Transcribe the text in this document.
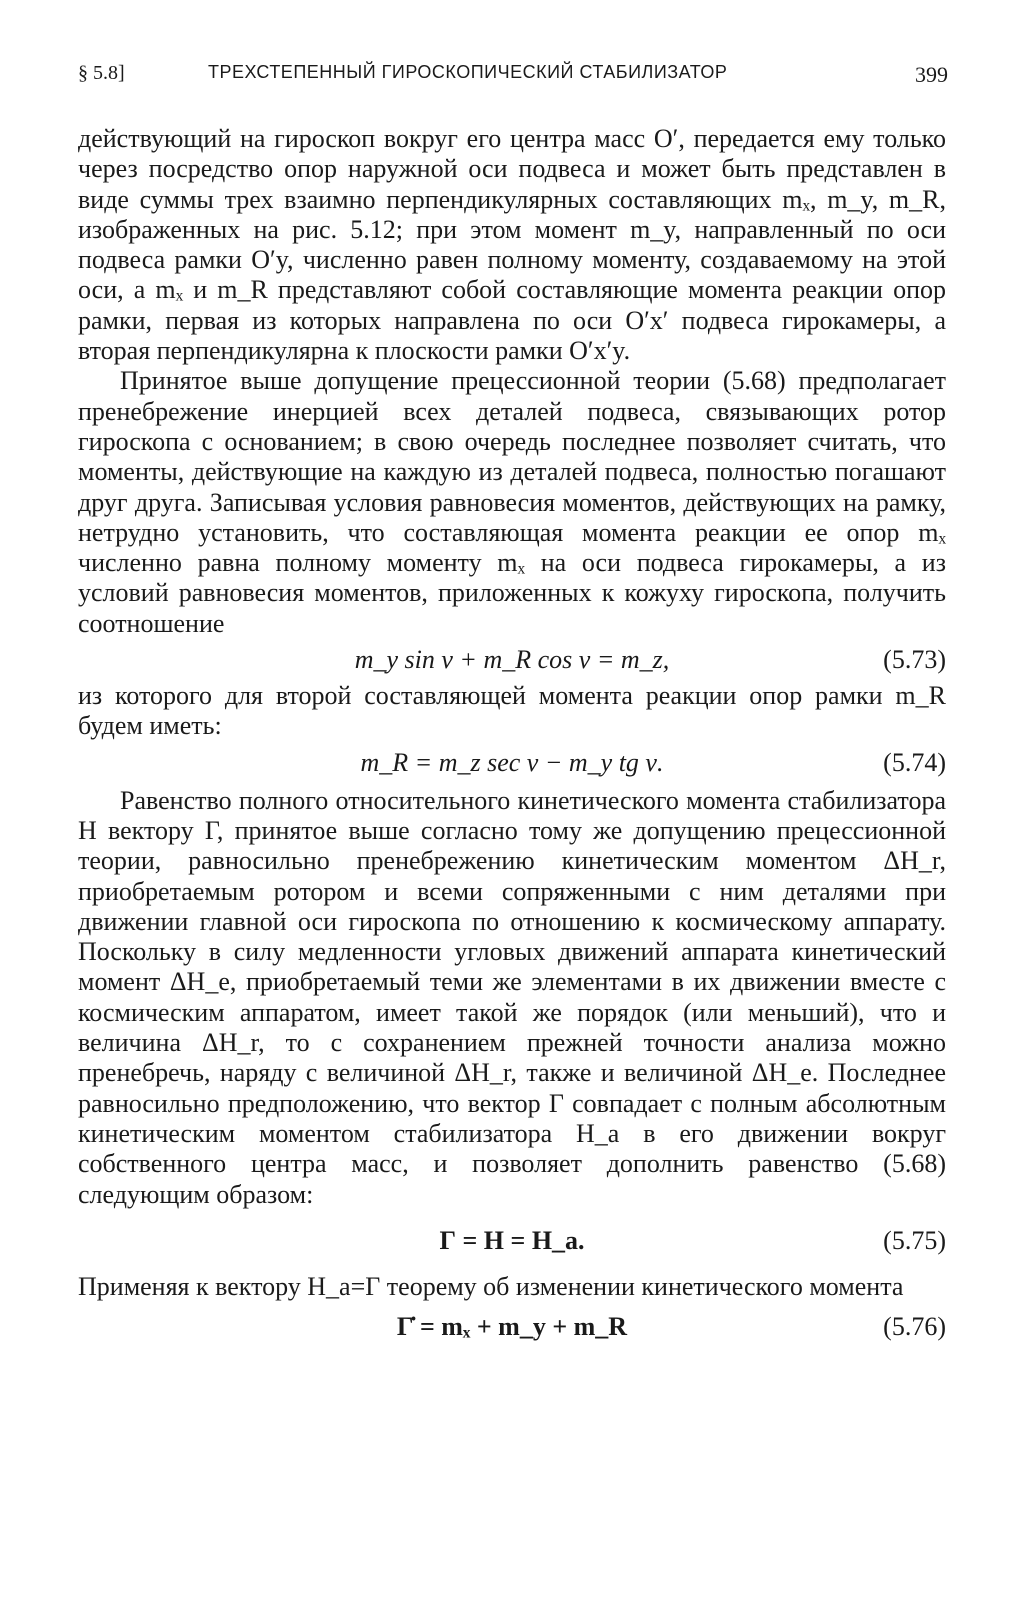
§ 5.8]	ТРЕХСТЕПЕННЫЙ ГИРОСКОПИЧЕСКИЙ СТАБИЛИЗАТОР	399

действующий на гироскоп вокруг его центра масс O′, передается ему только через посредство опор наружной оси подвеса и может быть представлен в виде суммы трех взаимно перпендикулярных составляющих mₓ, m_y, m_R, изображенных на рис. 5.12; при этом момент m_y, направленный по оси подвеса рамки O′y, численно равен полному моменту, создаваемому на этой оси, а mₓ и m_R представляют собой составляющие момента реакции опор рамки, первая из которых направлена по оси O′x′ подвеса гирокамеры, а вторая перпендикулярна к плоскости рамки O′x′y.

Принятое выше допущение прецессионной теории (5.68) предполагает пренебрежение инерцией всех деталей подвеса, связывающих ротор гироскопа с основанием; в свою очередь последнее позволяет считать, что моменты, действующие на каждую из деталей подвеса, полностью погашают друг друга. Записывая условия равновесия моментов, действующих на рамку, нетрудно установить, что составляющая момента реакции ее опор mₓ численно равна полному моменту mₓ на оси подвеса гирокамеры, а из условий равновесия моментов, приложенных к кожуху гироскопа, получить соотношение

m_y sin ν + m_R cos ν = m_z,	(5.73)

из которого для второй составляющей момента реакции опор рамки m_R будем иметь:

m_R = m_z sec ν − m_y tg ν.	(5.74)

Равенство полного относительного кинетического момента стабилизатора H вектору Г, принятое выше согласно тому же допущению прецессионной теории, равносильно пренебрежению кинетическим моментом ΔH_r, приобретаемым ротором и всеми сопряженными с ним деталями при движении главной оси гироскопа по отношению к космическому аппарату. Поскольку в силу медленности угловых движений аппарата кинетический момент ΔH_e, приобретаемый теми же элементами в их движении вместе с космическим аппаратом, имеет такой же порядок (или меньший), что и величина ΔH_r, то с сохранением прежней точности анализа можно пренебречь, наряду с величиной ΔH_r, также и величиной ΔH_e. Последнее равносильно предположению, что вектор Г совпадает с полным абсолютным кинетическим моментом стабилизатора H_a в его движении вокруг собственного центра масс, и позволяет дополнить равенство (5.68) следующим образом:

Г = H = H_a.	(5.75)

Применяя к вектору H_a=Г теорему об изменении кинетического момента

Г̇ = mₓ + m_y + m_R	(5.76)
